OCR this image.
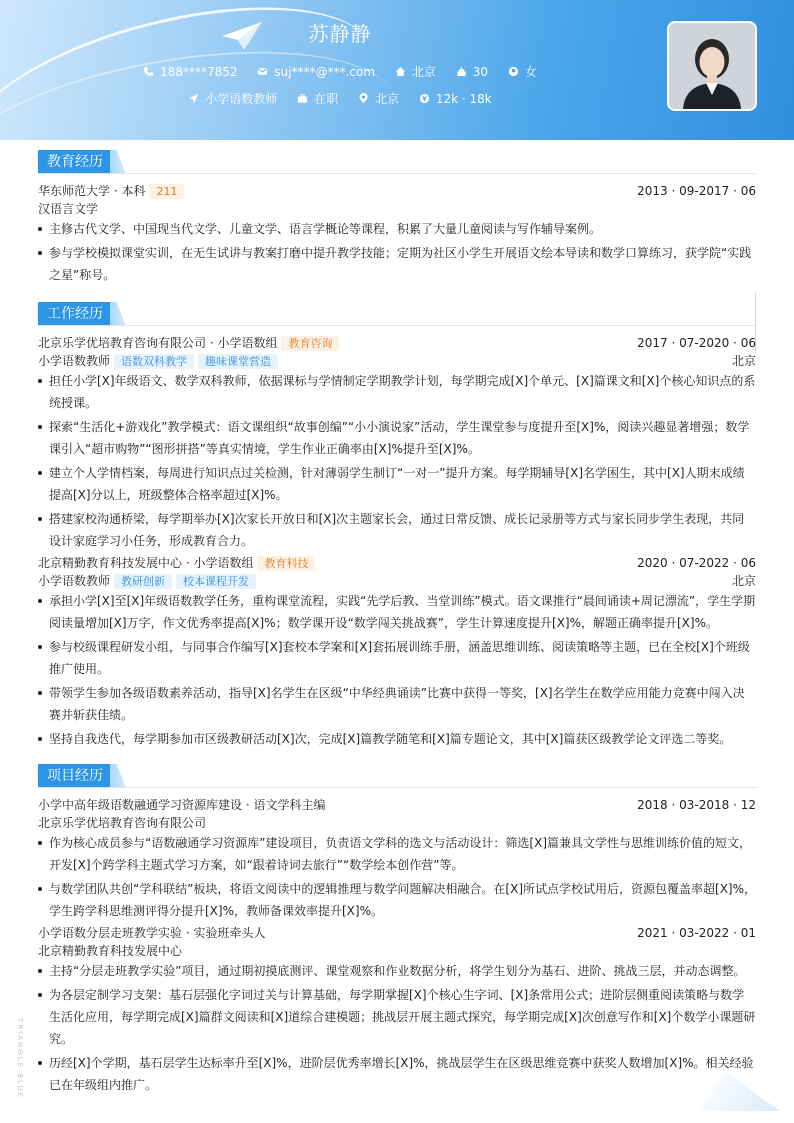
苏静静
188****7852	suj****@***.com	北京	30	女
小学语数教师	在职	北京	12k · 18k
教育经历
华东师范大学 · 本科 211	2013 · 09-2017 · 06
汉语言文学
主修古代文学、中国现当代文学、儿童文学、语言学概论等课程，积累了大量儿童阅读与写作辅导案例。
参与学校模拟课堂实训，在无生试讲与教案打磨中提升教学技能；定期为社区小学生开展语文绘本导读和数学口算练习，获学院“实践之星”称号。
工作经历
北京乐学优培教育咨询有限公司 · 小学语数组 教育咨询	2017 · 07-2020 · 06
小学语数教师 语数双科教学 趣味课堂营造	北京
担任小学[X]年级语文、数学双科教师，依据课标与学情制定学期教学计划，每学期完成[X]个单元、[X]篇课文和[X]个核心知识点的系统授课。
探索“生活化+游戏化”教学模式：语文课组织“故事创编”“小小演说家”活动，学生课堂参与度提升至[X]%，阅读兴趣显著增强；数学课引入“超市购物”“图形拼搭”等真实情境，学生作业正确率由[X]%提升至[X]%。
建立个人学情档案，每周进行知识点过关检测，针对薄弱学生制订“一对一”提升方案。每学期辅导[X]名学困生，其中[X]人期末成绩提高[X]分以上，班级整体合格率超过[X]%。
搭建家校沟通桥梁，每学期举办[X]次家长开放日和[X]次主题家长会，通过日常反馈、成长记录册等方式与家长同步学生表现，共同设计家庭学习小任务，形成教育合力。
北京精勤教育科技发展中心 · 小学语数组 教育科技	2020 · 07-2022 · 06
小学语数教师 教研创新 校本课程开发	北京
承担小学[X]至[X]年级语数教学任务，重构课堂流程，实践“先学后教、当堂训练”模式。语文课推行“晨间诵读+周记漂流”，学生学期阅读量增加[X]万字，作文优秀率提高[X]%；数学课开设“数学闯关挑战赛”，学生计算速度提升[X]%，解题正确率提升[X]%。
参与校级课程研发小组，与同事合作编写[X]套校本学案和[X]套拓展训练手册，涵盖思维训练、阅读策略等主题，已在全校[X]个班级推广使用。
带领学生参加各级语数素养活动，指导[X]名学生在区级“中华经典诵读”比赛中获得一等奖，[X]名学生在数学应用能力竞赛中闯入决赛并斩获佳绩。
坚持自我迭代，每学期参加市区级教研活动[X]次，完成[X]篇教学随笔和[X]篇专题论文，其中[X]篇获区级教学论文评选二等奖。
项目经历
小学中高年级语数融通学习资源库建设 · 语文学科主编	2018 · 03-2018 · 12
北京乐学优培教育咨询有限公司
作为核心成员参与“语数融通学习资源库”建设项目，负责语文学科的选文与活动设计：筛选[X]篇兼具文学性与思维训练价值的短文，开发[X]个跨学科主题式学习方案，如“跟着诗词去旅行”“数学绘本创作营”等。
与数学团队共创“学科联结”板块，将语文阅读中的逻辑推理与数学问题解决相融合。在[X]所试点学校试用后，资源包覆盖率超[X]%，学生跨学科思维测评得分提升[X]%，教师备课效率提升[X]%。
小学语数分层走班教学实验 · 实验班牵头人	2021 · 03-2022 · 01
北京精勤教育科技发展中心
主持“分层走班教学实验”项目，通过期初摸底测评、课堂观察和作业数据分析，将学生划分为基石、进阶、挑战三层，并动态调整。
为各层定制学习支架：基石层强化字词过关与计算基础，每学期掌握[X]个核心生字词、[X]条常用公式；进阶层侧重阅读策略与数学生活化应用，每学期完成[X]篇群文阅读和[X]道综合建模题；挑战层开展主题式探究，每学期完成[X]次创意写作和[X]个数学小课题研究。
历经[X]个学期，基石层学生达标率升至[X]%，进阶层优秀率增长[X]%，挑战层学生在区级思维竞赛中获奖人数增加[X]%。相关经验已在年级组内推广。
TRIANGLE BLUE
